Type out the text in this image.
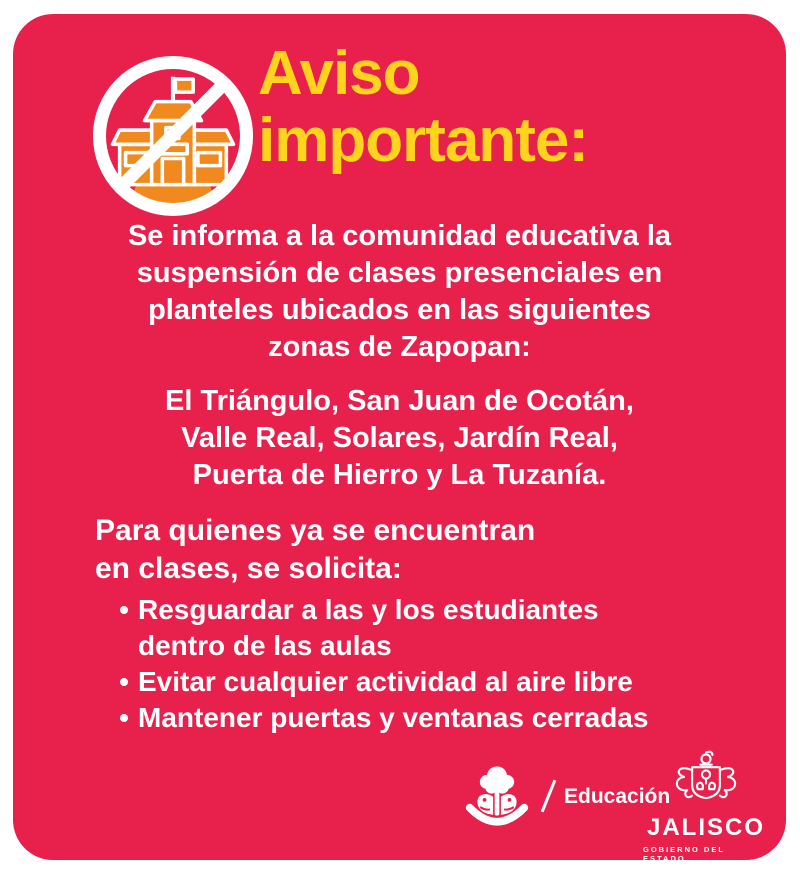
Aviso
importante:
Se informa a la comunidad educativa la
suspensión de clases presenciales en
planteles ubicados en las siguientes
zonas de Zapopan:
El Triángulo, San Juan de Ocotán,
Valle Real, Solares, Jardín Real,
Puerta de Hierro y La Tuzanía.
Para quienes ya se encuentran
en clases, se solicita:
• Resguardar a las y los estudiantes dentro de las aulas
• Evitar cualquier actividad al aire libre
• Mantener puertas y ventanas cerradas
Educación
JALISCO
GOBIERNO DEL ESTADO
